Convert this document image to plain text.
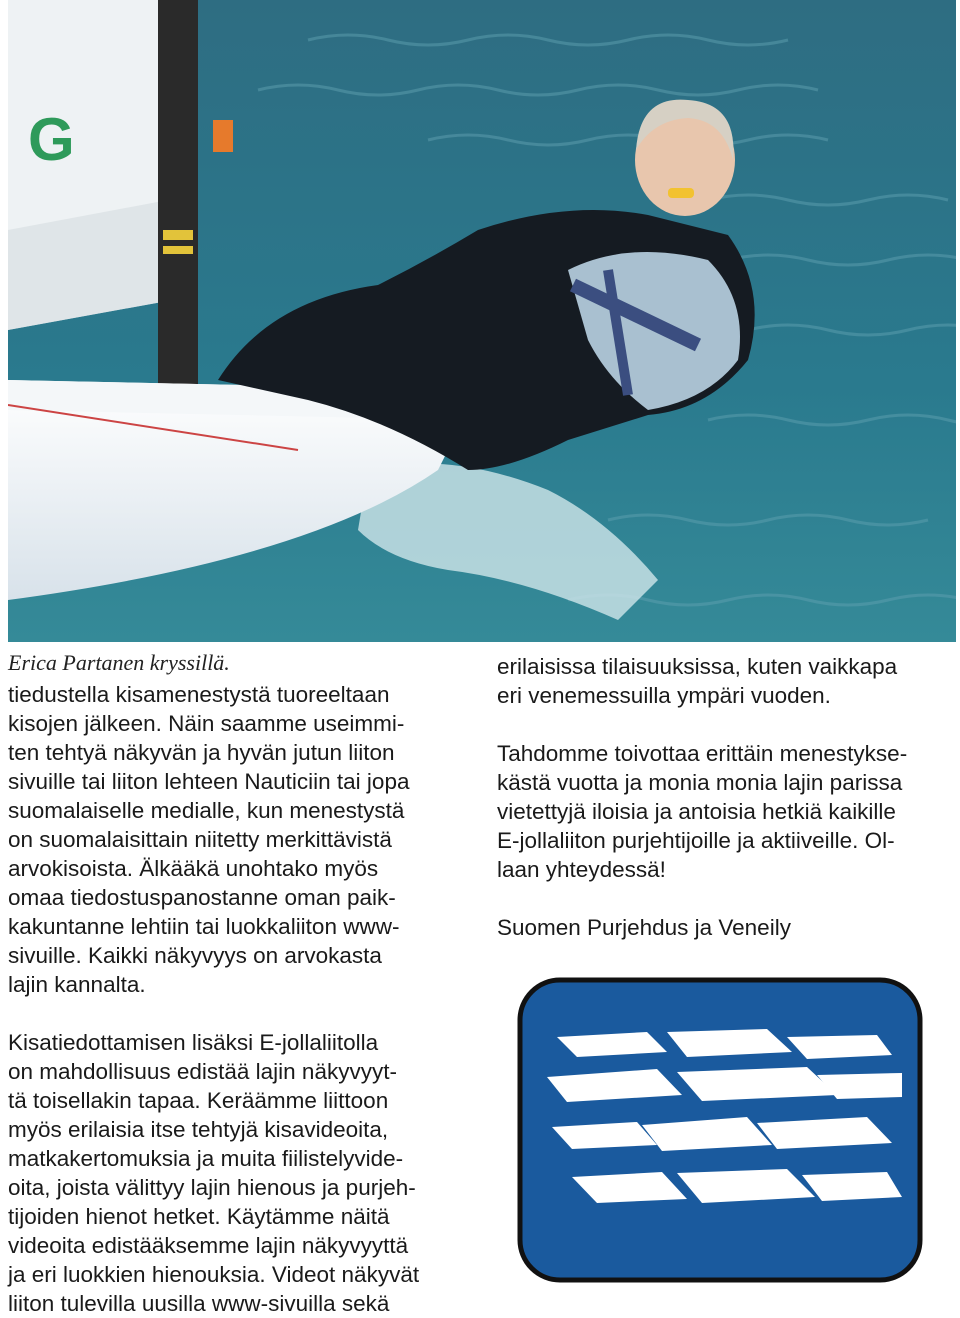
G
Erica Partanen kryssillä.

tiedustella kisamenestystä tuoreeltaan
kisojen jälkeen. Näin saamme useimmi-
ten tehtyä näkyvän ja hyvän jutun liiton
sivuille tai liiton lehteen Nauticiin tai jopa
suomalaiselle medialle, kun menestystä
on suomalaisittain niitetty merkittävistä
arvokisoista. Älkääkä unohtako myös
omaa tiedostuspanostanne oman paik-
kakuntanne lehtiin tai luokkaliiton www-
sivuille. Kaikki näkyvyys on arvokasta
lajin kannalta.

Kisatiedottamisen lisäksi E-jollaliitolla
on mahdollisuus edistää lajin näkyvyyt-
tä toisellakin tapaa. Keräämme liittoon
myös erilaisia itse tehtyjä kisavideoita,
matkakertomuksia ja muita fiilistelyvide-
oita, joista välittyy lajin hienous ja purjeh-
tijoiden hienot hetket. Käytämme näitä
videoita edistääksemme lajin näkyvyyttä
ja eri luokkien hienouksia. Videot näkyvät
liiton tulevilla uusilla www-sivuilla sekä

erilaisissa tilaisuuksissa, kuten vaikkapa
eri venemessuilla ympäri vuoden.

Tahdomme toivottaa erittäin menestykse-
kästä vuotta ja monia monia lajin parissa
vietettyjä iloisia ja antoisia hetkiä kaikille
E-jollaliiton purjehtijoille ja aktiiveille. Ol-
laan yhteydessä!

Suomen Purjehdus ja Veneily
